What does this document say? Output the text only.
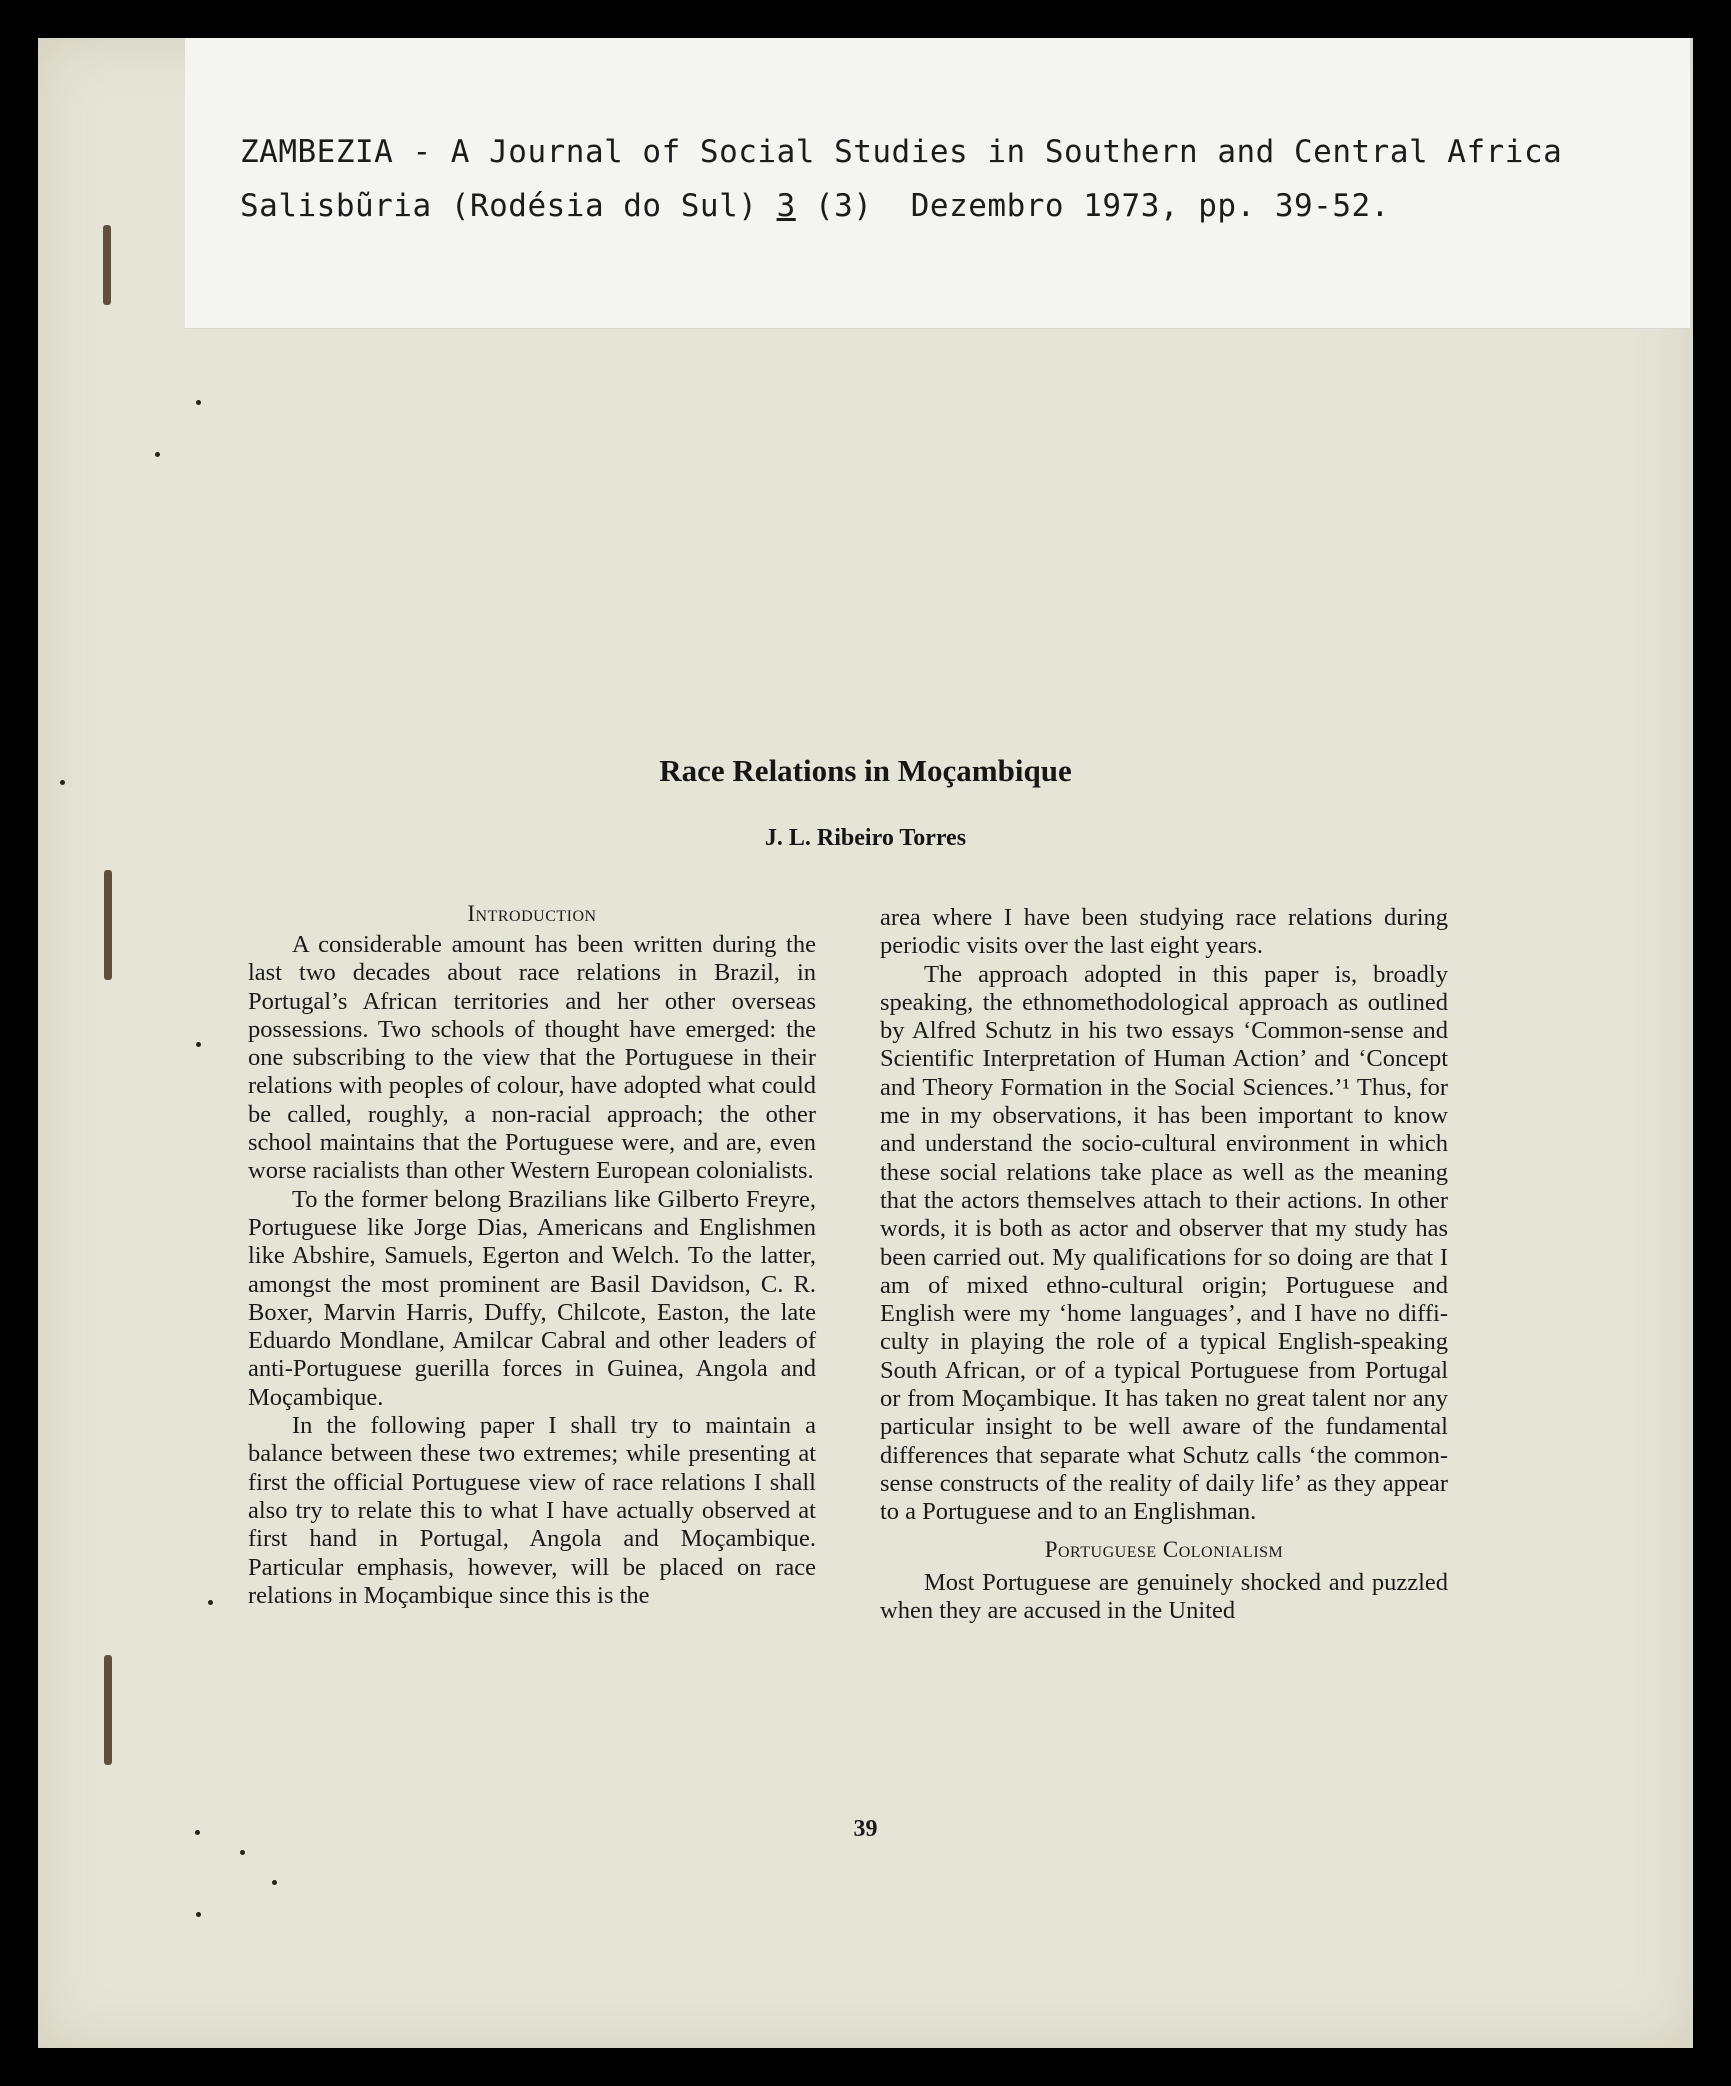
ZAMBEZIA - A Journal of Social Studies in Southern and Central Africa
Salisbũria (Rodésia do Sul) 3 (3)  Dezembro 1973, pp. 39-52.
Race Relations in Moçambique
J. L. Ribeiro Torres
Introduction

A considerable amount has been written during the last two decades about race relations in Brazil, in Portugal’s African territories and her other overseas possessions. Two schools of thought have emerged: the one subscribing to the view that the Portuguese in their relations with peoples of colour, have adopted what could be called, roughly, a non-racial approach; the other school maintains that the Portuguese were, and are, even worse racialists than other Western European colonialists.

To the former belong Brazilians like Gilberto Freyre, Portuguese like Jorge Dias, Americans and Englishmen like Abshire, Samuels, Egerton and Welch. To the latter, amongst the most prominent are Basil Davidson, C. R. Boxer, Marvin Harris, Duffy, Chilcote, Easton, the late Eduardo Mondlane, Amilcar Cabral and other leaders of anti-Portuguese guerilla forces in Guinea, Angola and Moçambique.

In the following paper I shall try to maintain a balance between these two extremes; while presenting at first the official Portuguese view of race relations I shall also try to relate this to what I have actually observed at first hand in Portugal, Angola and Moçambique. Particular emphasis, however, will be placed on race relations in Moçambique since this is the

area where I have been studying race relations during periodic visits over the last eight years.

The approach adopted in this paper is, broadly speaking, the ethnomethodological approach as outlined by Alfred Schutz in his two essays ‘Common-sense and Scientific Interpretation of Human Action’ and ‘Concept and Theory Formation in the Social Sciences.’¹ Thus, for me in my observations, it has been important to know and understand the socio-cultural environment in which these social relations take place as well as the meaning that the actors themselves attach to their actions. In other words, it is both as actor and observer that my study has been carried out. My qualifications for so doing are that I am of mixed ethno-cultural origin; Portuguese and English were my ‘home languages’, and I have no difficulty in playing the role of a typical English-speaking South African, or of a typical Portuguese from Portugal or from Moçambique. It has taken no great talent nor any particular insight to be well aware of the fundamental differences that separate what Schutz calls ‘the common-sense constructs of the reality of daily life’ as they appear to a Portuguese and to an Englishman.

Portuguese Colonialism

Most Portuguese are genuinely shocked and puzzled when they are accused in the United

39
